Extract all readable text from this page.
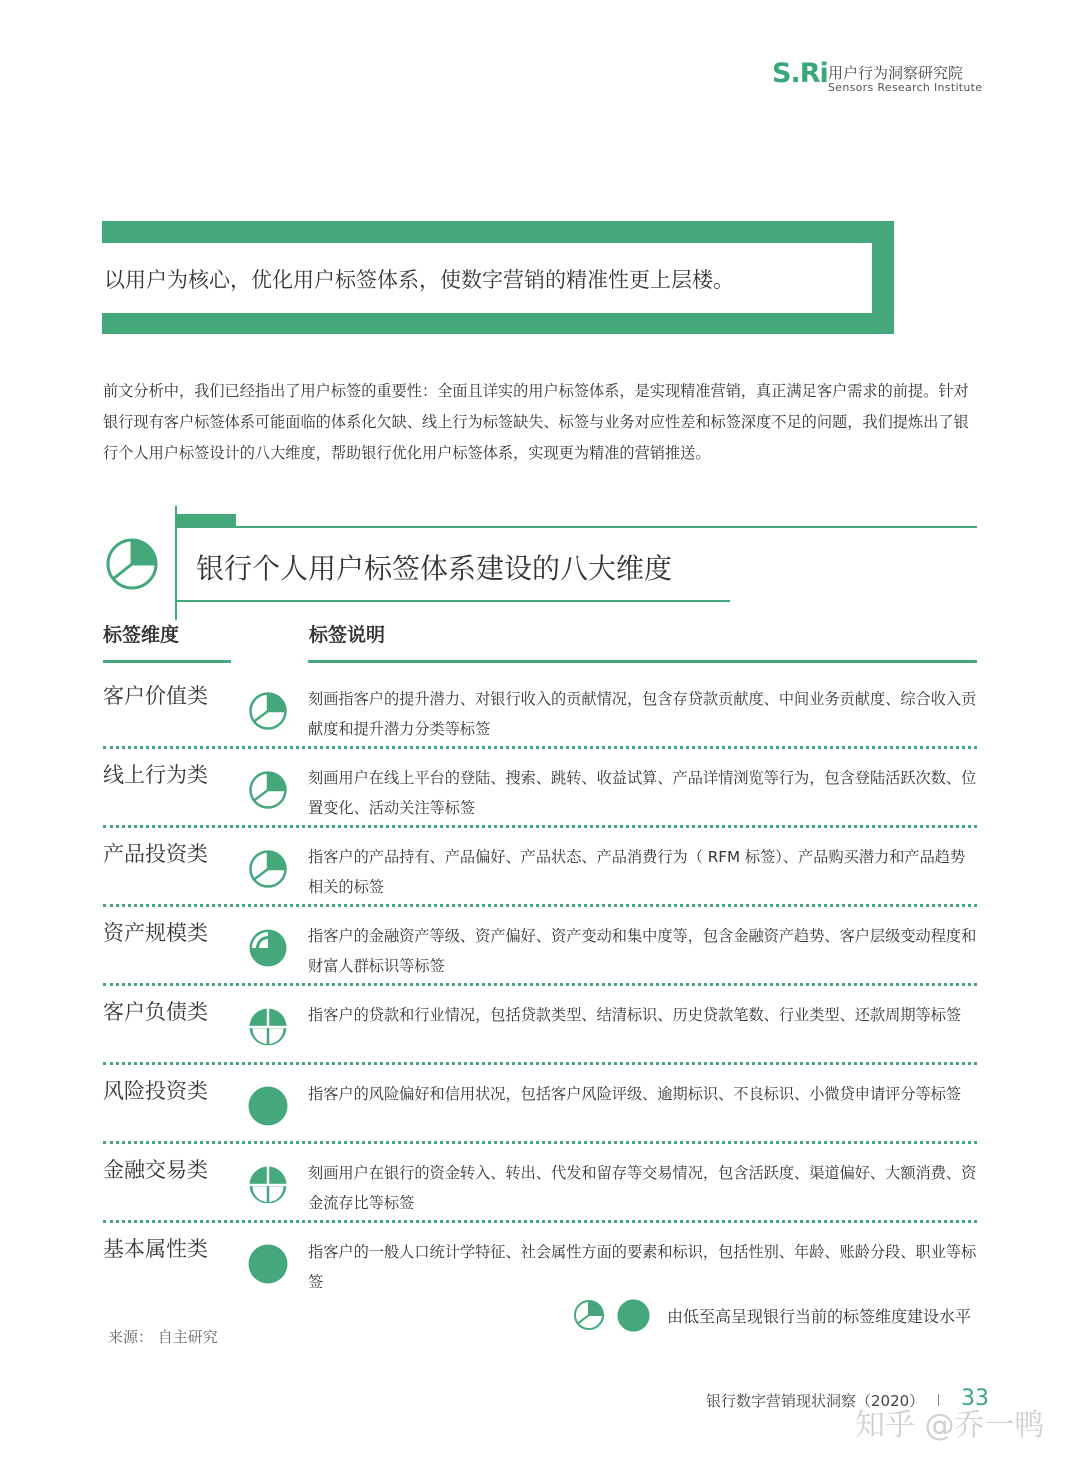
S.Ri 用户行为洞察研究院
Sensors Research Institute
以用户为核心，优化用户标签体系，使数字营销的精准性更上层楼。
前文分析中，我们已经指出了用户标签的重要性：全面且详实的用户标签体系，是实现精准营销，真正满足客户需求的前提。针对银行现有客户标签体系可能面临的体系化欠缺、线上行为标签缺失、标签与业务对应性差和标签深度不足的问题，我们提炼出了银行个人用户标签设计的八大维度，帮助银行优化用户标签体系，实现更为精准的营销推送。
银行个人用户标签体系建设的八大维度
标签维度	标签说明
客户价值类	刻画指客户的提升潜力、对银行收入的贡献情况，包含存贷款贡献度、中间业务贡献度、综合收入贡献度和提升潜力分类等标签
线上行为类	刻画用户在线上平台的登陆、搜索、跳转、收益试算、产品详情浏览等行为，包含登陆活跃次数、位置变化、活动关注等标签
产品投资类	指客户的产品持有、产品偏好、产品状态、产品消费行为（ RFM 标签）、产品购买潜力和产品趋势相关的标签
资产规模类	指客户的金融资产等级、资产偏好、资产变动和集中度等，包含金融资产趋势、客户层级变动程度和财富人群标识等标签
客户负债类	指客户的贷款和行业情况，包括贷款类型、结清标识、历史贷款笔数、行业类型、还款周期等标签
风险投资类	指客户的风险偏好和信用状况，包括客户风险评级、逾期标识、不良标识、小微贷申请评分等标签
金融交易类	刻画用户在银行的资金转入、转出、代发和留存等交易情况，包含活跃度、渠道偏好、大额消费、资金流存比等标签
基本属性类	指客户的一般人口统计学特征、社会属性方面的要素和标识，包括性别、年龄、账龄分段、职业等标签
由低至高呈现银行当前的标签维度建设水平
来源： 自主研究
银行数字营销现状洞察（2020） 33
知乎 @乔一鸭
